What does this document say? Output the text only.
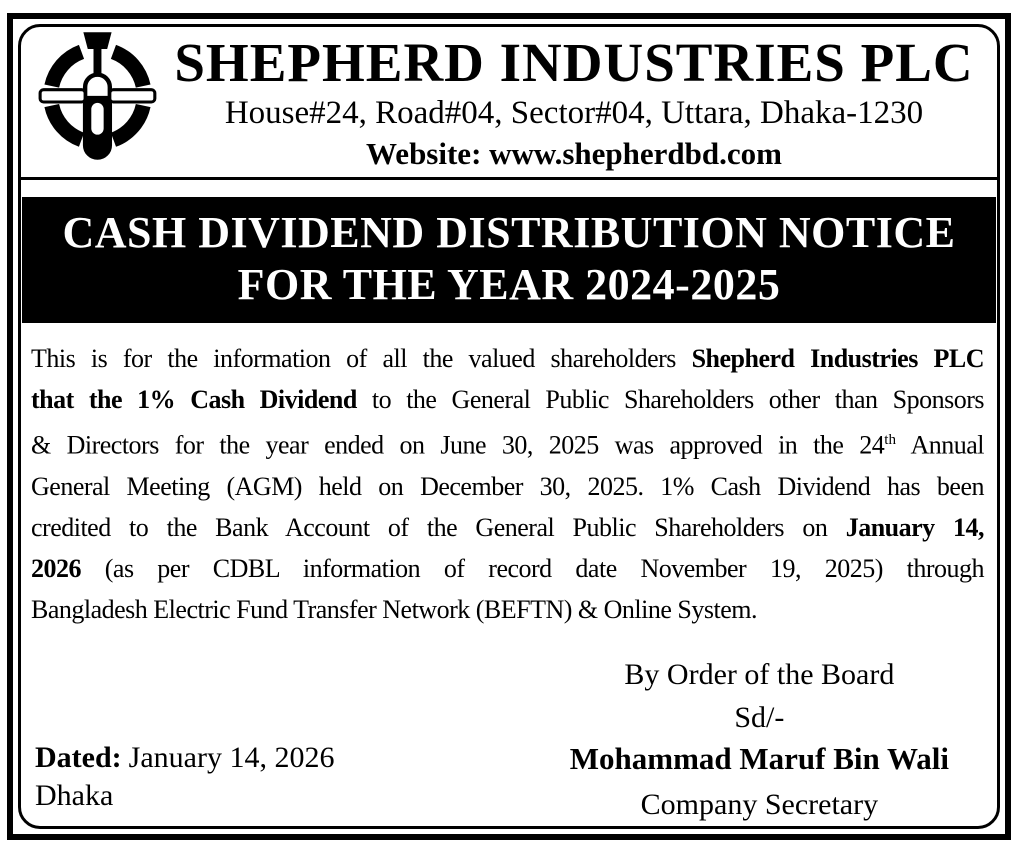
SHEPHERD INDUSTRIES PLC
House#24, Road#04, Sector#04, Uttara, Dhaka-1230
Website: www.shepherdbd.com
CASH DIVIDEND DISTRIBUTION NOTICE
FOR THE YEAR 2024-2025
This is for the information of all the valued shareholders Shepherd Industries PLC
that the 1% Cash Dividend to the General Public Shareholders other than Sponsors
& Directors for the year ended on June 30, 2025 was approved in the 24th Annual
General Meeting (AGM) held on December 30, 2025. 1% Cash Dividend has been
credited to the Bank Account of the General Public Shareholders on January 14,
2026 (as per CDBL information of record date November 19, 2025) through
Bangladesh Electric Fund Transfer Network (BEFTN) & Online System.
Dated: January 14, 2026
Dhaka
By Order of the Board
Sd/-
Mohammad Maruf Bin Wali
Company Secretary
